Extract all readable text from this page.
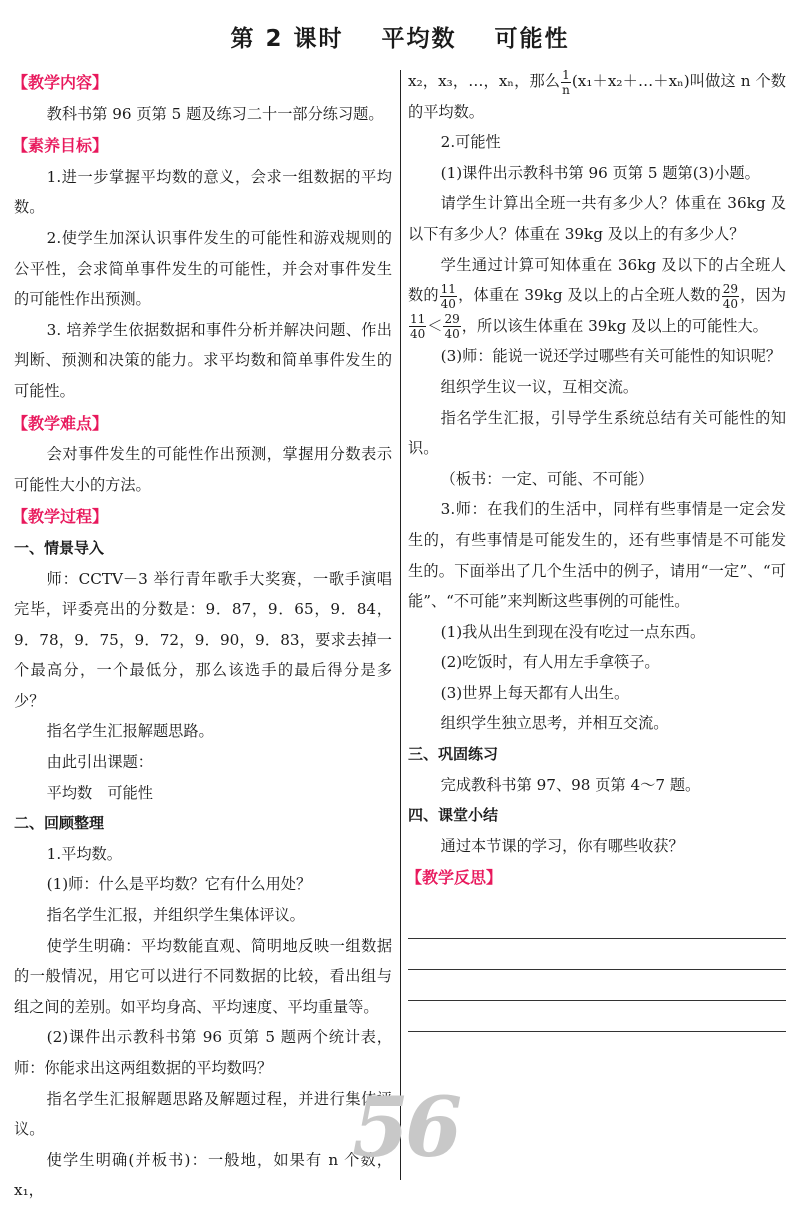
第 2 课时 平均数 可能性
【教学内容】

教科书第 96 页第 5 题及练习二十一部分练习题。

【素养目标】

1.进一步掌握平均数的意义，会求一组数据的平均数。

2.使学生加深认识事件发生的可能性和游戏规则的公平性，会求简单事件发生的可能性，并会对事件发生的可能性作出预测。

3. 培养学生依据数据和事件分析并解决问题、作出判断、预测和决策的能力。求平均数和简单事件发生的可能性。

【教学难点】

会对事件发生的可能性作出预测，掌握用分数表示可能性大小的方法。

【教学过程】
一、情景导入

师：CCTV－3 举行青年歌手大奖赛，一歌手演唱完毕，评委亮出的分数是：9．87，9．65，9．84，9．78，9．75，9．72，9．90，9．83，要求去掉一个最高分，一个最低分，那么该选手的最后得分是多少？

指名学生汇报解题思路。

由此引出课题：

平均数　可能性

二、回顾整理

1.平均数。

(1)师：什么是平均数？它有什么用处？

指名学生汇报，并组织学生集体评议。

使学生明确：平均数能直观、简明地反映一组数据的一般情况，用它可以进行不同数据的比较，看出组与组之间的差别。如平均身高、平均速度、平均重量等。

(2)课件出示教科书第 96 页第 5 题两个统计表，师：你能求出这两组数据的平均数吗？

指名学生汇报解题思路及解题过程，并进行集体评议。

使学生明确(并板书)：一般地，如果有 n 个数，x₁，

x₂，x₃，…，xₙ，那么 $\frac{1}{n}$ (x₁＋x₂＋…＋xₙ)叫做这 n 个数的平均数。

2.可能性

(1)课件出示教科书第 96 页第 5 题第(3)小题。

请学生计算出全班一共有多少人？体重在 36kg 及以下有多少人？体重在 39kg 及以上的有多少人？

学生通过计算可知体重在 36kg 及以下的占全班人数的 $\frac{11}{40}$ ，体重在 39kg 及以上的占全班人数的 $\frac{29}{40}$ ，因为
$\frac{11}{40} < \frac{29}{40}$ ，所以该生体重在 39kg 及以上的可能性大。

(3)师：能说一说还学过哪些有关可能性的知识呢？

组织学生议一议，互相交流。

指名学生汇报，引导学生系统总结有关可能性的知识。

（板书：一定、可能、不可能）

3.师：在我们的生活中，同样有些事情是一定会发生的，有些事情是可能发生的，还有些事情是不可能发生的。下面举出了几个生活中的例子，请用“一定”、“可能”、“不可能”来判断这些事例的可能性。

(1)我从出生到现在没有吃过一点东西。

(2)吃饭时，有人用左手拿筷子。

(3)世界上每天都有人出生。

组织学生独立思考，并相互交流。

三、巩固练习

完成教科书第 97、98 页第 4～7 题。

四、课堂小结

通过本节课的学习，你有哪些收获？

【教学反思】
56
